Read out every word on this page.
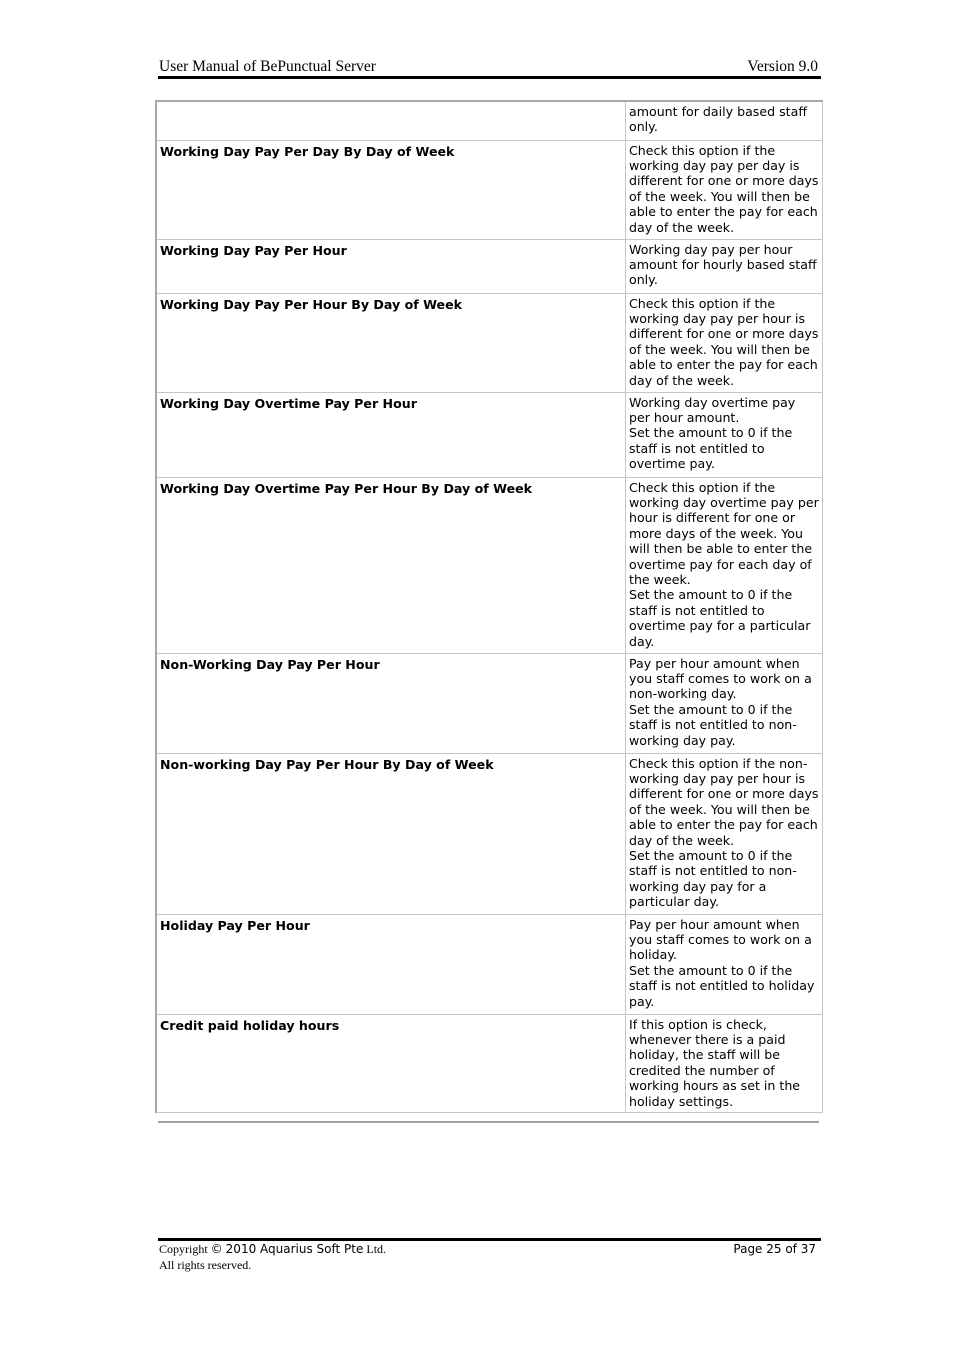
User Manual of BePunctual Server	Version 9.0
	amount for daily based staff only.
Working Day Pay Per Day By Day of Week	Check this option if the working day pay per day is different for one or more days of the week. You will then be able to enter the pay for each day of the week.
Working Day Pay Per Hour	Working day pay per hour amount for hourly based staff only.
Working Day Pay Per Hour By Day of Week	Check this option if the working day pay per hour is different for one or more days of the week. You will then be able to enter the pay for each day of the week.
Working Day Overtime Pay Per Hour	Working day overtime pay per hour amount.
Set the amount to 0 if the staff is not entitled to overtime pay.
Working Day Overtime Pay Per Hour By Day of Week	Check this option if the working day overtime pay per hour is different for one or more days of the week. You will then be able to enter the overtime pay for each day of the week.
Set the amount to 0 if the staff is not entitled to overtime pay for a particular day.
Non-Working Day Pay Per Hour	Pay per hour amount when you staff comes to work on a non-working day.
Set the amount to 0 if the staff is not entitled to non-working day pay.
Non-working Day Pay Per Hour By Day of Week	Check this option if the non-working day pay per hour is different for one or more days of the week. You will then be able to enter the pay for each day of the week.
Set the amount to 0 if the staff is not entitled to non-working day pay for a particular day.
Holiday Pay Per Hour	Pay per hour amount when you staff comes to work on a holiday.
Set the amount to 0 if the staff is not entitled to holiday pay.
Credit paid holiday hours	If this option is check, whenever there is a paid holiday, the staff will be credited the number of working hours as set in the holiday settings.
Copyright © 2010 Aquarius Soft Pte Ltd.
All rights reserved.
Page 25 of 37
